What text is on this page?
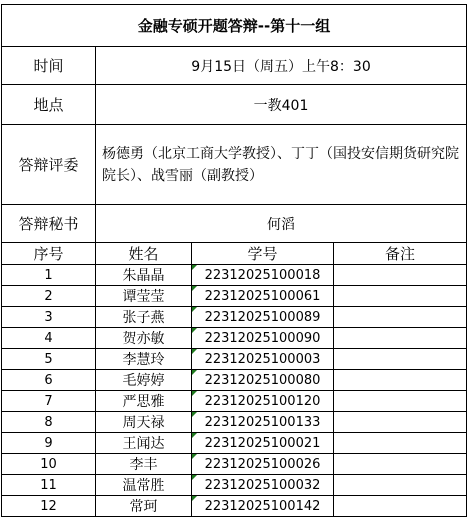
金融专硕开题答辩--第十一组			
时间	9月15日（周五）上午8：30		
地点	一教401		
答辩评委	杨德勇（北京工商大学教授）、丁丁（国投安信期货研究院院长）、战雪丽（副教授）		
答辩秘书	何滔		
序号	姓名	学号	备注
1	朱晶晶	22312025100018	
2	谭莹莹	22312025100061	
3	张子燕	22312025100089	
4	贺亦敏	22312025100090	
5	李慧玲	22312025100003	
6	毛婷婷	22312025100080	
7	严思雅	22312025100120	
8	周天禄	22312025100133	
9	王闻达	22312025100021	
10	李丰	22312025100026	
11	温常胜	22312025100032	
12	常珂	22312025100142	
